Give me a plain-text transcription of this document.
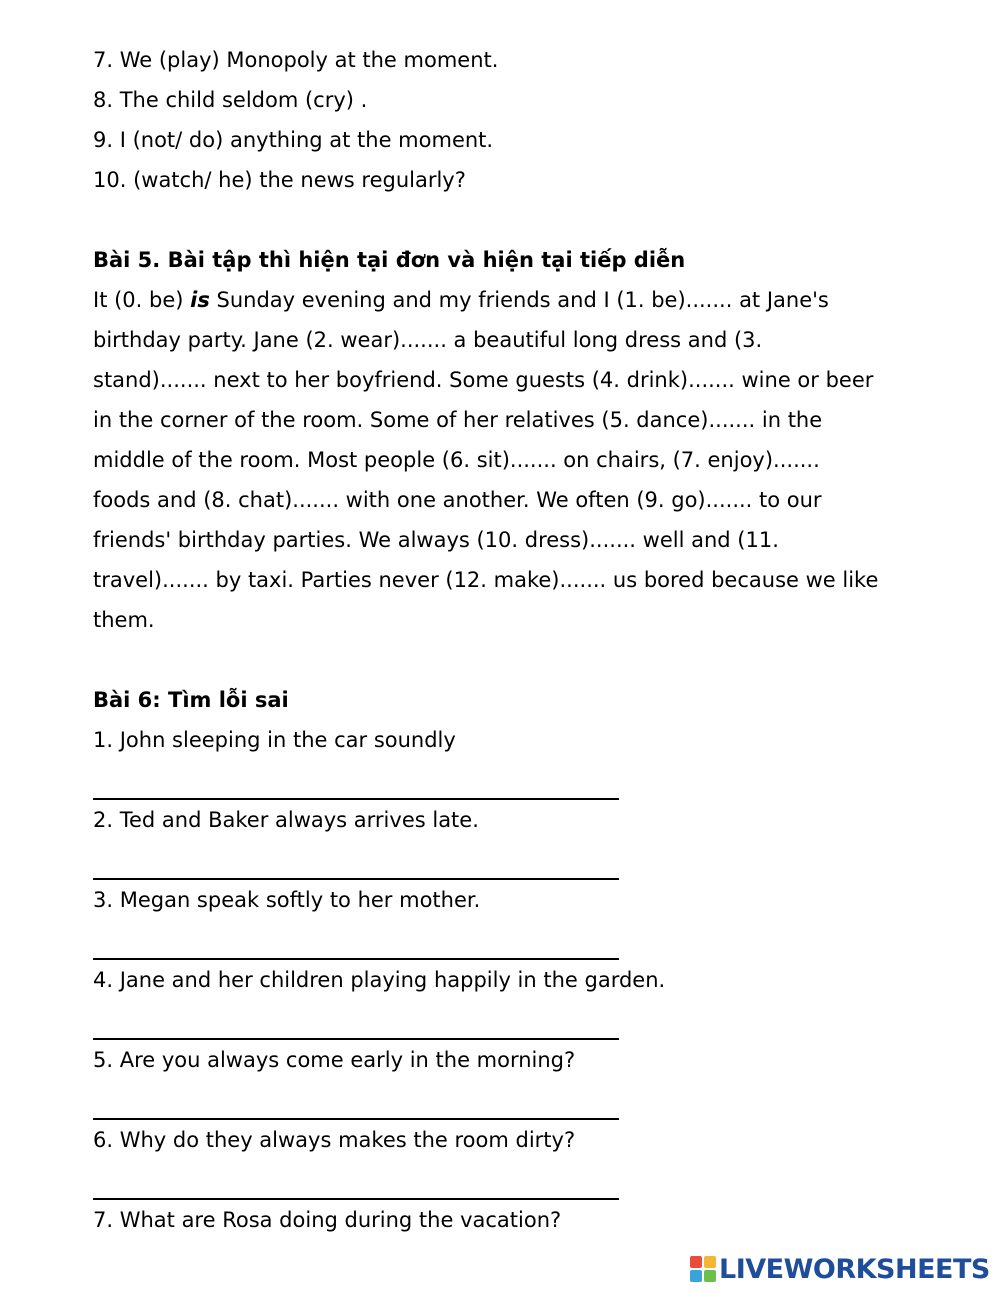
7. We (play) Monopoly at the moment.

8. The child seldom (cry) .

9. I (not/ do) anything at the moment.

10. (watch/ he) the news regularly?

Bài 5. Bài tập thì hiện tại đơn và hiện tại tiếp diễn

It (0. be) is Sunday evening and my friends and I (1. be)....... at Jane's
birthday party. Jane (2. wear)....... a beautiful long dress and (3.
stand)....... next to her boyfriend. Some guests (4. drink)....... wine or beer
in the corner of the room. Some of her relatives (5. dance)....... in the
middle of the room. Most people (6. sit)....... on chairs, (7. enjoy).......
foods and (8. chat)....... with one another. We often (9. go)....... to our
friends' birthday parties. We always (10. dress)....... well and (11.
travel)....... by taxi. Parties never (12. make)....... us bored because we like
them.

Bài 6: Tìm lỗi sai

1. John sleeping in the car soundly

2. Ted and Baker always arrives late.

3. Megan speak softly to her mother.

4. Jane and her children playing happily in the garden.

5. Are you always come early in the morning?

6. Why do they always makes the room dirty?

7. What are Rosa doing during the vacation?

LIVEWORKSHEETS
